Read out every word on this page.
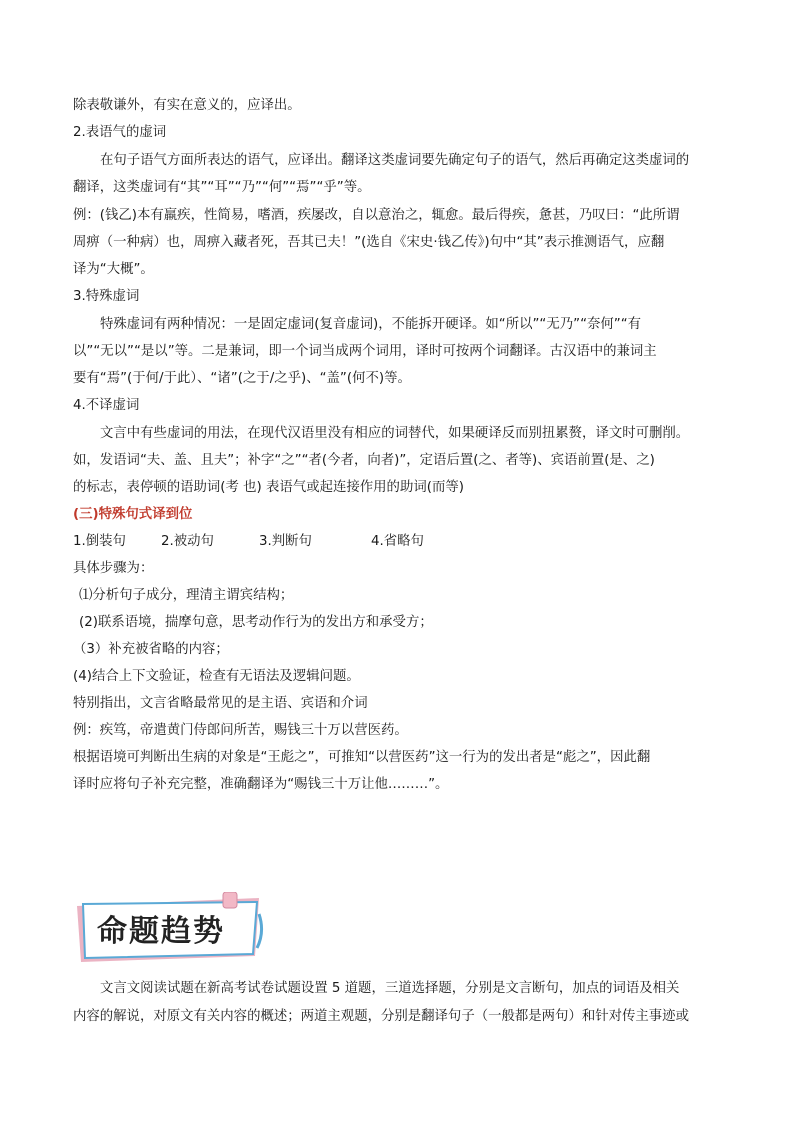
除表敬谦外，有实在意义的，应译出。
2.表语气的虚词
在句子语气方面所表达的语气，应译出。翻译这类虚词要先确定句子的语气，然后再确定这类虚词的
翻译，这类虚词有“其”“耳”“乃”“何”“焉”“乎”等。
例：(钱乙)本有羸疾，性简易，嗜酒，疾屡改，自以意治之，辄愈。最后得疾，惫甚，乃叹曰：“此所谓
周痹（一种病）也，周痹入藏者死，吾其已夫！”(选自《宋史·钱乙传》)句中“其”表示推测语气，应翻
译为“大概”。
3.特殊虚词
特殊虚词有两种情况：一是固定虚词(复音虚词)，不能拆开硬译。如“所以”“无乃”“奈何”“有
以”“无以”“是以”等。二是兼词，即一个词当成两个词用，译时可按两个词翻译。古汉语中的兼词主
要有“焉”(于何/于此）、“诸”(之于/之乎)、“盖”(何不)等。
4.不译虚词
文言中有些虚词的用法，在现代汉语里没有相应的词替代，如果硬译反而别扭累赘，译文时可删削。
如，发语词“夫、盖、且夫”；补字“之”“者(今者，向者)”，定语后置(之、者等)、宾语前置(是、之)
的标志，表停顿的语助词(考 也) 表语气或起连接作用的助词(而等)
(三)特殊句式译到位
1.倒装句	2.被动句	3.判断句	4.省略句
具体步骤为：
⑴分析句子成分，理清主谓宾结构；
(2)联系语境，揣摩句意，思考动作行为的发出方和承受方；
（3）补充被省略的内容；
(4)结合上下文验证，检查有无语法及逻辑问题。
特别指出，文言省略最常见的是主语、宾语和介词
例：疾笃，帝遣黄门侍郎问所苦，赐钱三十万以营医药。
根据语境可判断出生病的对象是“王彪之”，可推知“以营医药”这一行为的发出者是“彪之”，因此翻
译时应将句子补充完整，准确翻译为“赐钱三十万让他………”。
命题趋势
文言文阅读试题在新高考试卷试题设置 5 道题，三道选择题，分别是文言断句，加点的词语及相关
内容的解说，对原文有关内容的概述；两道主观题，分别是翻译句子（一般都是两句）和针对传主事迹或
